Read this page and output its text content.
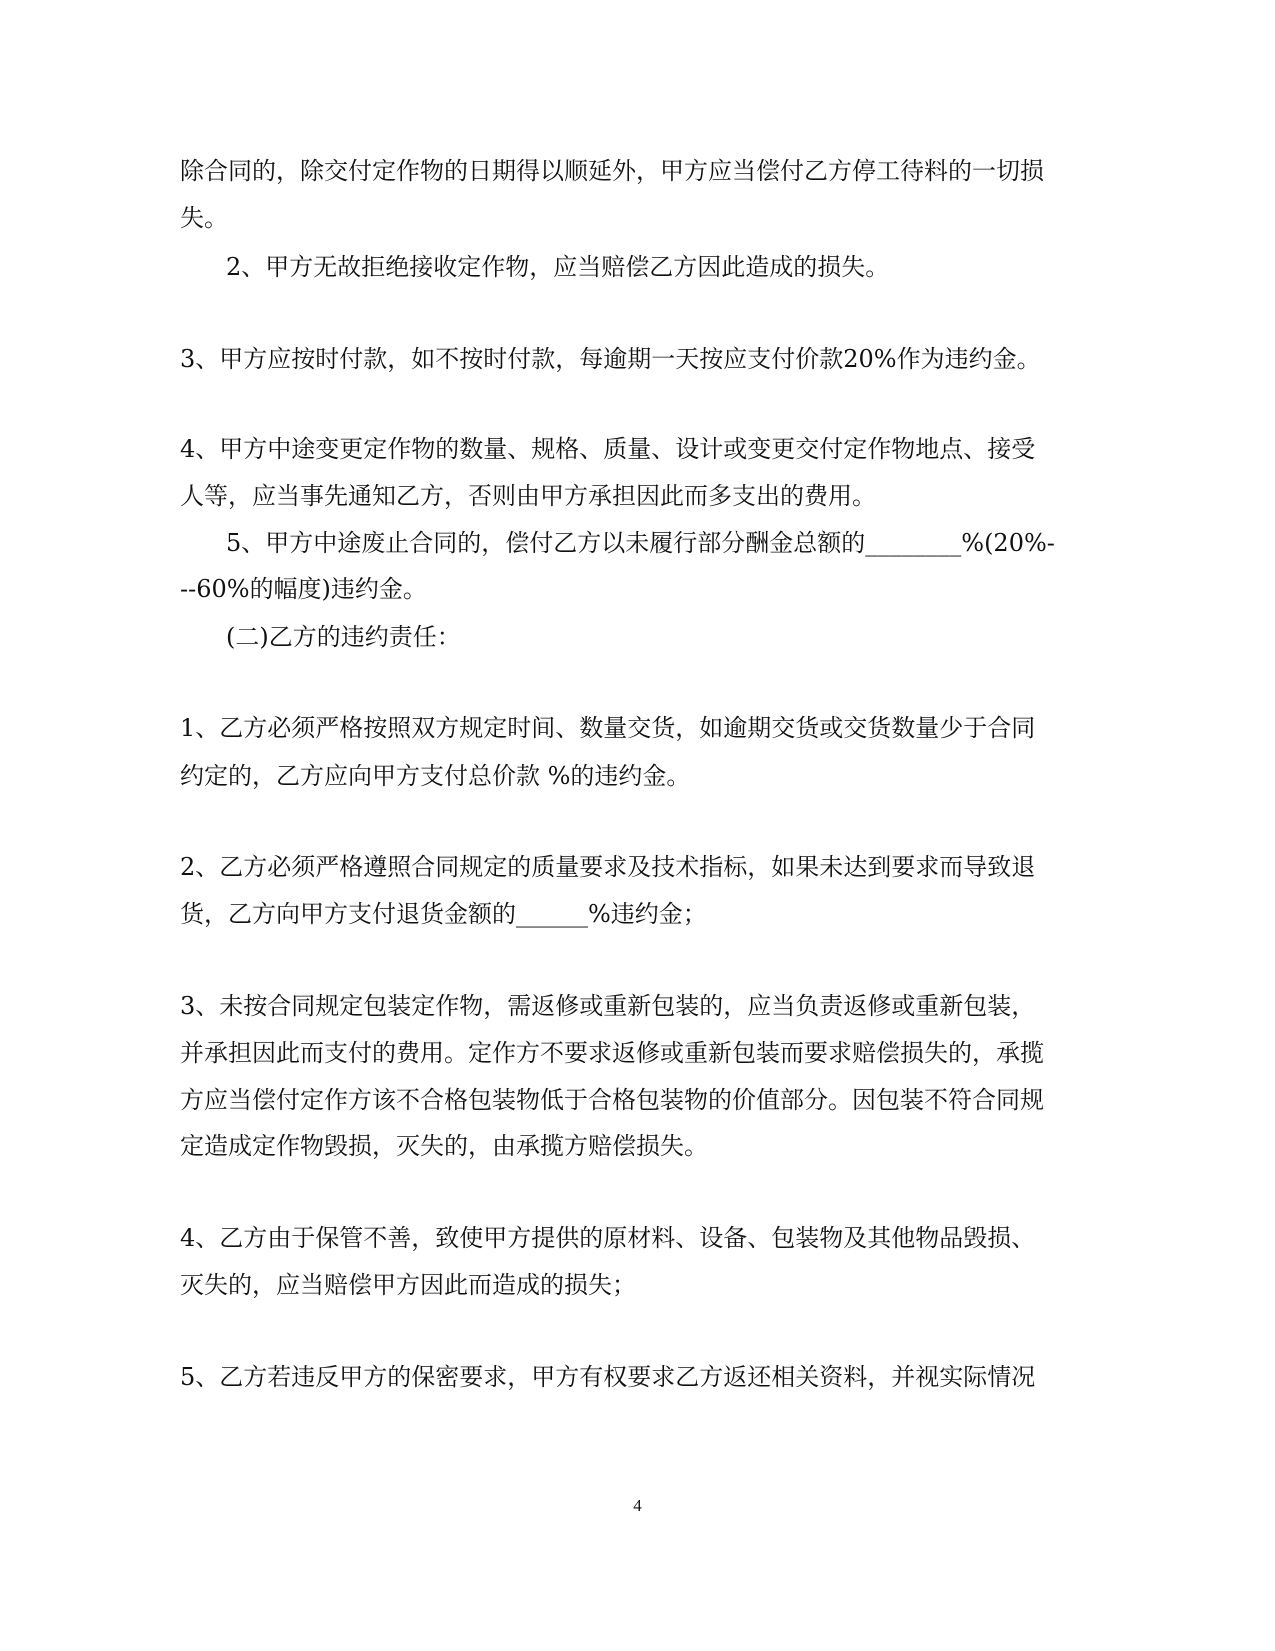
除合同的，除交付定作物的日期得以顺延外，甲方应当偿付乙方停工待料的一切损

失。

2、甲方无故拒绝接收定作物，应当赔偿乙方因此造成的损失。

3、甲方应按时付款，如不按时付款，每逾期一天按应支付价款20%作为违约金。

4、甲方中途变更定作物的数量、规格、质量、设计或变更交付定作物地点、接受

人等，应当事先通知乙方，否则由甲方承担因此而多支出的费用。

5、甲方中途废止合同的，偿付乙方以未履行部分酬金总额的________%(20%-

--60%的幅度)违约金。

(二)乙方的违约责任：

1、乙方必须严格按照双方规定时间、数量交货，如逾期交货或交货数量少于合同

约定的，乙方应向甲方支付总价款 %的违约金。

2、乙方必须严格遵照合同规定的质量要求及技术指标，如果未达到要求而导致退

货，乙方向甲方支付退货金额的______%违约金；

3、未按合同规定包装定作物，需返修或重新包装的，应当负责返修或重新包装，

并承担因此而支付的费用。定作方不要求返修或重新包装而要求赔偿损失的，承揽

方应当偿付定作方该不合格包装物低于合格包装物的价值部分。因包装不符合同规

定造成定作物毁损，灭失的，由承揽方赔偿损失。

4、乙方由于保管不善，致使甲方提供的原材料、设备、包装物及其他物品毁损、

灭失的，应当赔偿甲方因此而造成的损失；

5、乙方若违反甲方的保密要求，甲方有权要求乙方返还相关资料，并视实际情况

4
